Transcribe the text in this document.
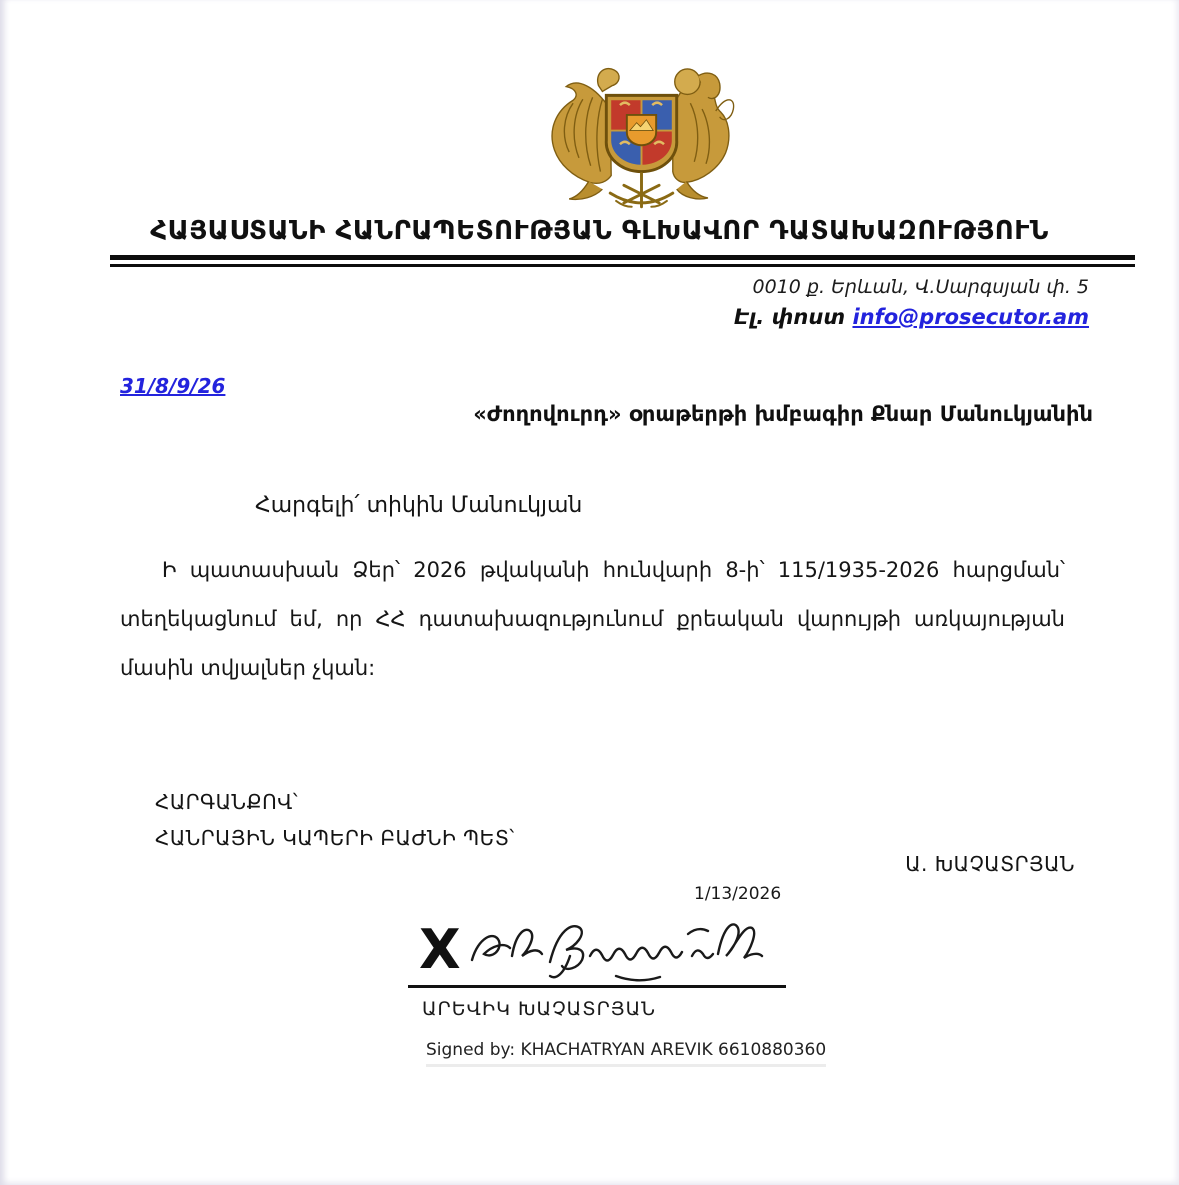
ՀԱՅԱՍՏԱՆԻ ՀԱՆՐԱՊԵՏՈՒԹՅԱՆ ԳԼԽԱՎՈՐ ԴԱՏԱԽԱԶՈՒԹՅՈՒՆ
0010 ք. Երևան, Վ.Սարգսյան փ. 5
Էլ. փոստ info@prosecutor.am
31/8/9/26
«Ժողովուրդ» օրաթերթի խմբագիր Քնար Մանուկյանին
Հարգելի՛ տիկին Մանուկյան

Ի պատասխան Ձեր՝ 2026 թվականի հունվարի 8-ի՝ 115/1935-2026 հարցման՝ տեղեկացնում եմ, որ ՀՀ դատախազությունում քրեական վարույթի առկայության մասին տվյալներ չկան:

ՀԱՐԳԱՆՔՈՎ՝
ՀԱՆՐԱՅԻՆ ԿԱՊԵՐԻ ԲԱԺՆԻ ՊԵՏ՝
Ա. ԽԱՉԱՏՐՅԱՆ
1/13/2026
X
ԱՐԵՎԻԿ ԽԱՉԱՏՐՅԱՆ
Signed by: KHACHATRYAN AREVIK 6610880360
